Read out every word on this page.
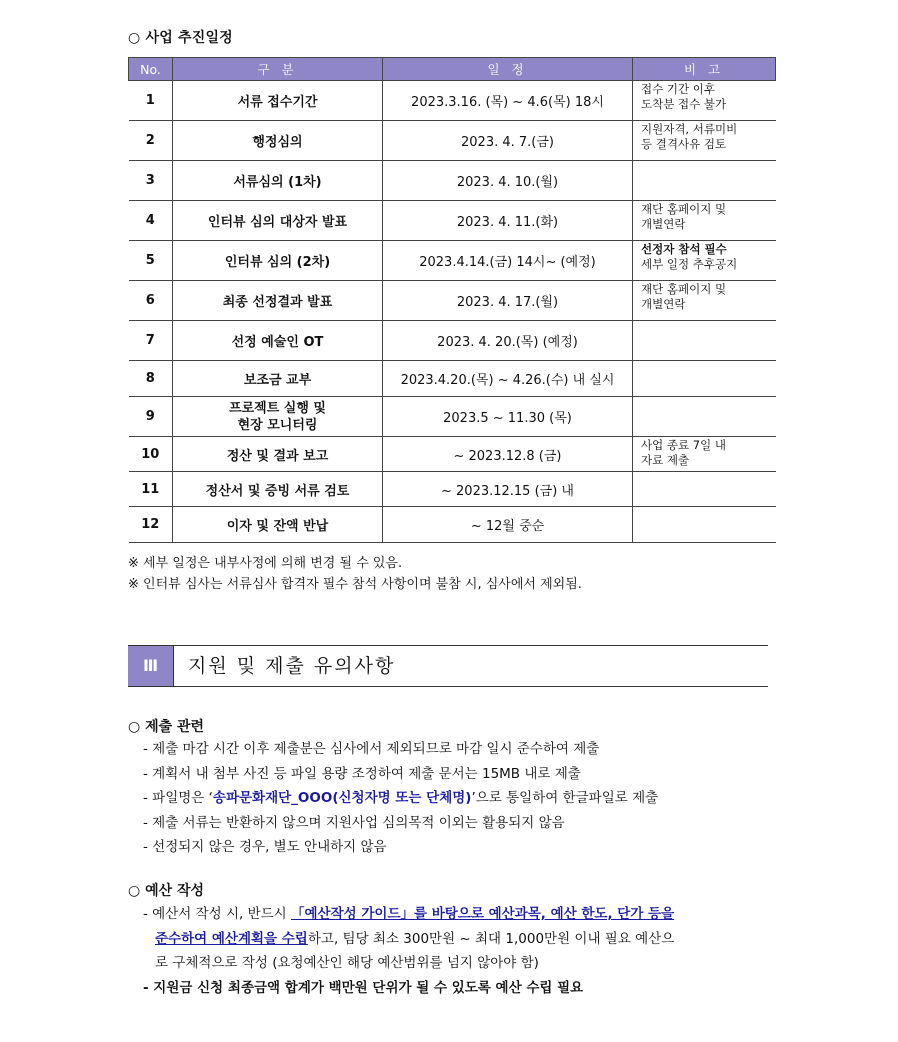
○ 사업 추진일정
No.	구 분	일 정	비 고
1	서류 접수기간	2023.3.16. (목) ~ 4.6(목) 18시	접수 기간 이후
도착분 접수 불가

2	행정심의	2023. 4. 7.(금)	지원자격, 서류미비
등 결격사유 검토

3	서류심의 (1차)	2023. 4. 10.(월)	
4	인터뷰 심의 대상자 발표	2023. 4. 11.(화)	재단 홈페이지 및
개별연락

5	인터뷰 심의 (2차)	2023.4.14.(금) 14시~ (예정)	선정자 참석 필수
세부 일정 추후공지

6	최종 선정결과 발표	2023. 4. 17.(월)	재단 홈페이지 및
개별연락

7	선정 예술인 OT	2023. 4. 20.(목) (예정)	
8	보조금 교부	2023.4.20.(목) ~ 4.26.(수) 내 실시	
9	프로젝트 실행 및
현장 모니터링	2023.5 ~ 11.30 (목)	
10	정산 및 결과 보고	~ 2023.12.8 (금)	사업 종료 7일 내
자료 제출

11	정산서 및 증빙 서류 검토	~ 2023.12.15 (금) 내	
12	이자 및 잔액 반납	~ 12월 중순	
※ 세부 일정은 내부사정에 의해 변경 될 수 있음.
※ 인터뷰 심사는 서류심사 합격자 필수 참석 사항이며 불참 시, 심사에서 제외됨.
Ⅲ	지원 및 제출 유의사항
○ 제출 관련
- 제출 마감 시간 이후 제출분은 심사에서 제외되므로 마감 일시 준수하여 제출
- 계획서 내 첨부 사진 등 파일 용량 조정하여 제출 문서는 15MB 내로 제출
- 파일명은 ‘송파문화재단_OOO(신청자명 또는 단체명)’으로 통일하여 한글파일로 제출
- 제출 서류는 반환하지 않으며 지원사업 심의목적 이외는 활용되지 않음
- 선정되지 않은 경우, 별도 안내하지 않음
○ 예산 작성
- 예산서 작성 시, 반드시 「예산작성 가이드」를 바탕으로 예산과목, 예산 한도, 단가 등을
준수하여 예산계획을 수립하고, 팀당 최소 300만원 ~ 최대 1,000만원 이내 필요 예산으
로 구체적으로 작성 (요청예산인 해당 예산범위를 넘지 않아야 함)
- 지원금 신청 최종금액 합계가 백만원 단위가 될 수 있도록 예산 수립 필요
